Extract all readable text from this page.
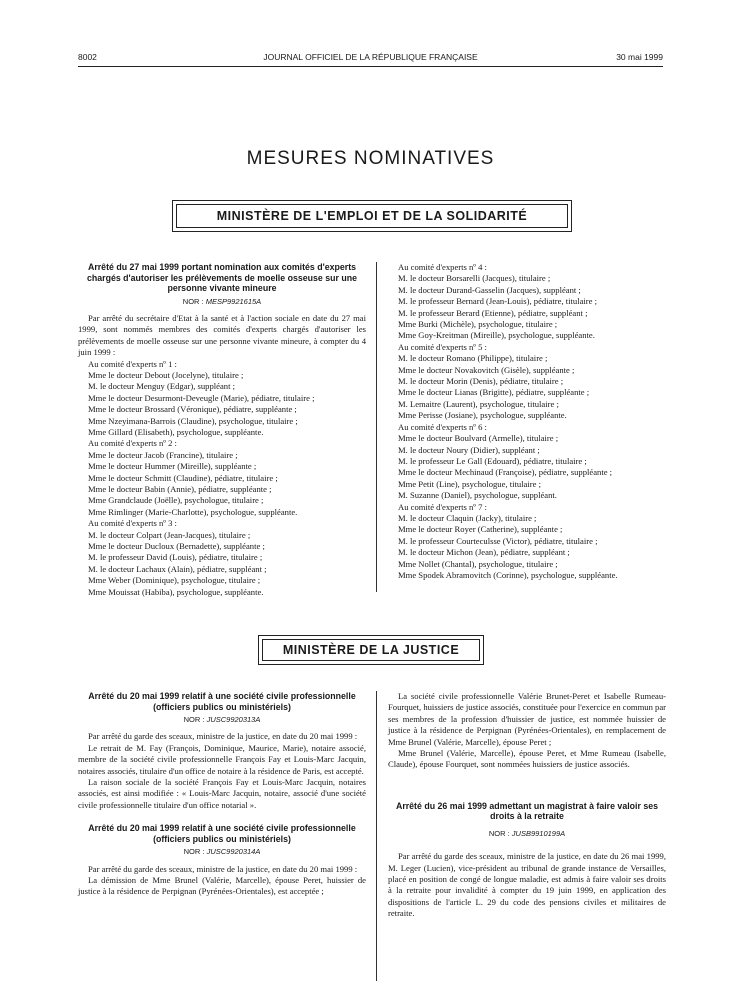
8002	JOURNAL OFFICIEL DE LA RÉPUBLIQUE FRANÇAISE	30 mai 1999
MESURES NOMINATIVES
MINISTÈRE DE L'EMPLOI ET DE LA SOLIDARITÉ
Arrêté du 27 mai 1999 portant nomination aux comités d'experts chargés d'autoriser les prélèvements de moelle osseuse sur une personne vivante mineure
NOR : MESP9921615A
Par arrêté du secrétaire d'Etat à la santé et à l'action sociale en date du 27 mai 1999, sont nommés membres des comités d'experts chargés d'autoriser les prélèvements de moelle osseuse sur une personne vivante mineure, à compter du 4 juin 1999 :
Au comité d'experts nº 1 :
Mme le docteur Debout (Jocelyne), titulaire ;
M. le docteur Menguy (Edgar), suppléant ;
Mme le docteur Desurmont-Deveugle (Marie), pédiatre, titulaire ;
Mme le docteur Brossard (Véronique), pédiatre, suppléante ;
Mme Nzeyimana-Barrois (Claudine), psychologue, titulaire ;
Mme Gillard (Elisabeth), psychologue, suppléante.
Au comité d'experts nº 2 :
Mme le docteur Jacob (Francine), titulaire ;
Mme le docteur Hummer (Mireille), suppléante ;
Mme le docteur Schmitt (Claudine), pédiatre, titulaire ;
Mme le docteur Babin (Annie), pédiatre, suppléante ;
Mme Grandclaude (Joëlle), psychologue, titulaire ;
Mme Rimlinger (Marie-Charlotte), psychologue, suppléante.
Au comité d'experts nº 3 :
M. le docteur Colpart (Jean-Jacques), titulaire ;
Mme le docteur Ducloux (Bernadette), suppléante ;
M. le professeur David (Louis), pédiatre, titulaire ;
M. le docteur Lachaux (Alain), pédiatre, suppléant ;
Mme Weber (Dominique), psychologue, titulaire ;
Mme Mouissat (Habiba), psychologue, suppléante.
Au comité d'experts nº 4 :
M. le docteur Borsarelli (Jacques), titulaire ;
M. le docteur Durand-Gasselin (Jacques), suppléant ;
M. le professeur Bernard (Jean-Louis), pédiatre, titulaire ;
M. le professeur Berard (Etienne), pédiatre, suppléant ;
Mme Burki (Michèle), psychologue, titulaire ;
Mme Goy-Kreitman (Mireille), psychologue, suppléante.
Au comité d'experts nº 5 :
M. le docteur Romano (Philippe), titulaire ;
Mme le docteur Novakovitch (Gisèle), suppléante ;
M. le docteur Morin (Denis), pédiatre, titulaire ;
Mme le docteur Lianas (Brigitte), pédiatre, suppléante ;
M. Lemaitre (Laurent), psychologue, titulaire ;
Mme Perisse (Josiane), psychologue, suppléante.
Au comité d'experts nº 6 :
Mme le docteur Boulvard (Armelle), titulaire ;
M. le docteur Noury (Didier), suppléant ;
M. le professeur Le Gall (Edouard), pédiatre, titulaire ;
Mme le docteur Mechinaud (Françoise), pédiatre, suppléante ;
Mme Petit (Line), psychologue, titulaire ;
M. Suzanne (Daniel), psychologue, suppléant.
Au comité d'experts nº 7 :
M. le docteur Claquin (Jacky), titulaire ;
Mme le docteur Royer (Catherine), suppléante ;
M. le professeur Courteculsse (Victor), pédiatre, titulaire ;
M. le docteur Michon (Jean), pédiatre, suppléant ;
Mme Nollet (Chantal), psychologue, titulaire ;
Mme Spodek Abramovitch (Corinne), psychologue, suppléante.
MINISTÈRE DE LA JUSTICE
Arrêté du 20 mai 1999 relatif à une société civile professionnelle (officiers publics ou ministériels)
NOR : JUSC9920313A
Par arrêté du garde des sceaux, ministre de la justice, en date du 20 mai 1999 :
Le retrait de M. Fay (François, Dominique, Maurice, Marie), notaire associé, membre de la société civile professionnelle François Fay et Louis-Marc Jacquin, notaires associés, titulaire d'un office de notaire à la résidence de Paris, est accepté.
La raison sociale de la société François Fay et Louis-Marc Jacquin, notaires associés, est ainsi modifiée : « Louis-Marc Jacquin, notaire, associé d'une société civile professionnelle titulaire d'un office notarial ».
Arrêté du 20 mai 1999 relatif à une société civile professionnelle (officiers publics ou ministériels)
NOR : JUSC9920314A
Par arrêté du garde des sceaux, ministre de la justice, en date du 20 mai 1999 :
La démission de Mme Brunel (Valérie, Marcelle), épouse Peret, huissier de justice à la résidence de Perpignan (Pyrénées-Orientales), est acceptée ;
La société civile professionnelle Valérie Brunet-Peret et Isabelle Rumeau-Fourquet, huissiers de justice associés, constituée pour l'exercice en commun par ses membres de la profession d'huissier de justice, est nommée huissier de justice à la résidence de Perpignan (Pyrénées-Orientales), en remplacement de Mme Brunel (Valérie, Marcelle), épouse Peret ;
Mme Brunel (Valérie, Marcelle), épouse Peret, et Mme Rumeau (Isabelle, Claude), épouse Fourquet, sont nommées huissiers de justice associés.
Arrêté du 26 mai 1999 admettant un magistrat à faire valoir ses droits à la retraite
NOR : JUSB9910199A
Par arrêté du garde des sceaux, ministre de la justice, en date du 26 mai 1999, M. Leger (Lucien), vice-président au tribunal de grande instance de Versailles, placé en position de congé de longue maladie, est admis à faire valoir ses droits à la retraite pour invalidité à compter du 19 juin 1999, en application des dispositions de l'article L. 29 du code des pensions civiles et militaires de retraite.
